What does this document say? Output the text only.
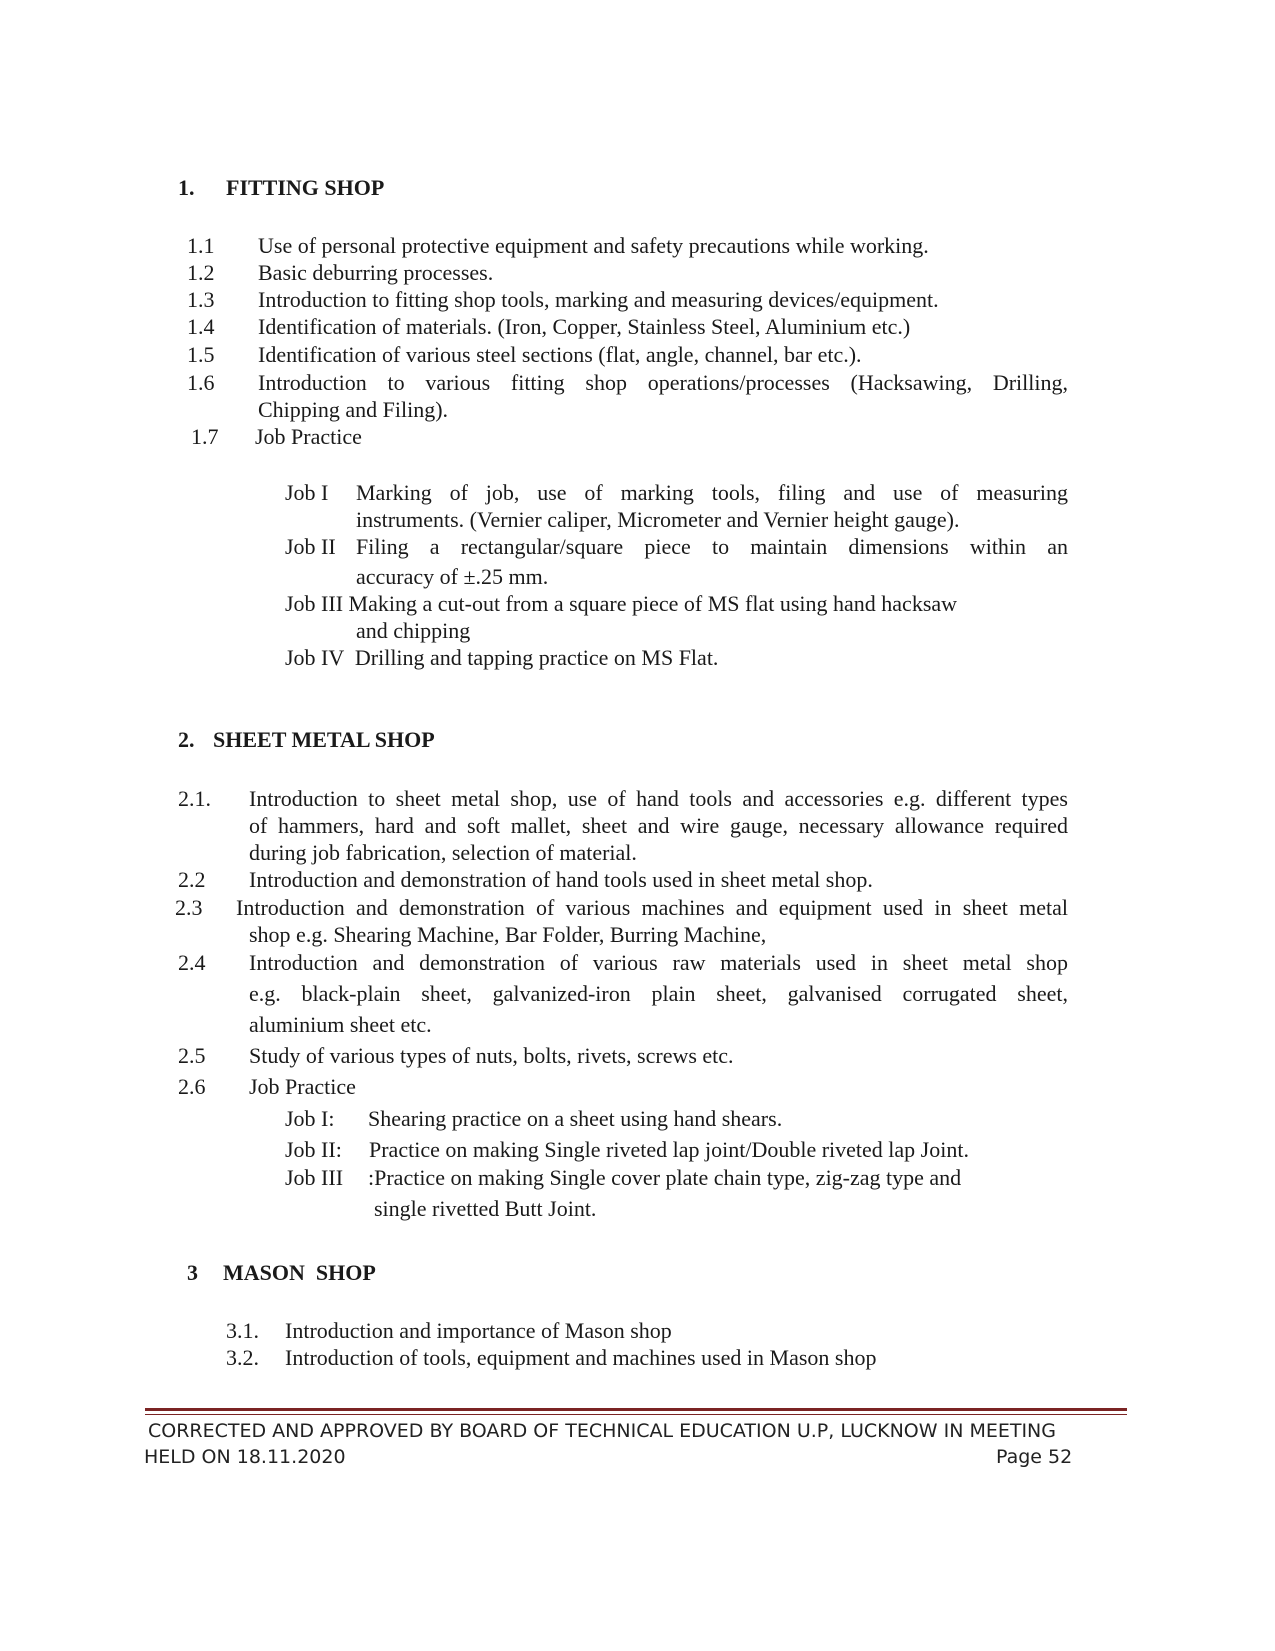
1. FITTING SHOP
1.1 Use of personal protective equipment and safety precautions while working.
1.2 Basic deburring processes.
1.3 Introduction to fitting shop tools, marking and measuring devices/equipment.
1.4 Identification of materials. (Iron, Copper, Stainless Steel, Aluminium etc.)
1.5 Identification of various steel sections (flat, angle, channel, bar etc.).
1.6 Introduction to various fitting shop operations/processes (Hacksawing, Drilling,
Chipping and Filing).
1.7 Job Practice
Job I Marking of job, use of marking tools, filing and use of measuring
instruments. (Vernier caliper, Micrometer and Vernier height gauge).
Job II Filing a rectangular/square piece to maintain dimensions within an
accuracy of ±.25 mm.
Job III Making a cut-out from a square piece of MS flat using hand hacksaw
and chipping
Job IV  Drilling and tapping practice on MS Flat.
2. SHEET METAL SHOP
2.1. Introduction to sheet metal shop, use of hand tools and accessories e.g. different types
of hammers, hard and soft mallet, sheet and wire gauge, necessary allowance required
during job fabrication, selection of material.
2.2 Introduction and demonstration of hand tools used in sheet metal shop.
2.3 Introduction and demonstration of various machines and equipment used in sheet metal
shop e.g. Shearing Machine, Bar Folder, Burring Machine,
2.4 Introduction and demonstration of various raw materials used in sheet metal shop
e.g. black-plain sheet, galvanized-iron plain sheet, galvanised corrugated sheet,
aluminium sheet etc.
2.5 Study of various types of nuts, bolts, rivets, screws etc.
2.6 Job Practice
Job I: Shearing practice on a sheet using hand shears.
Job II: Practice on making Single riveted lap joint/Double riveted lap Joint.
Job III :Practice on making Single cover plate chain type, zig-zag type and
single rivetted Butt Joint.
3 MASON  SHOP
3.1. Introduction and importance of Mason shop
3.2. Introduction of tools, equipment and machines used in Mason shop
CORRECTED AND APPROVED BY BOARD OF TECHNICAL EDUCATION U.P, LUCKNOW IN MEETING
HELD ON 18.11.2020	Page 52
